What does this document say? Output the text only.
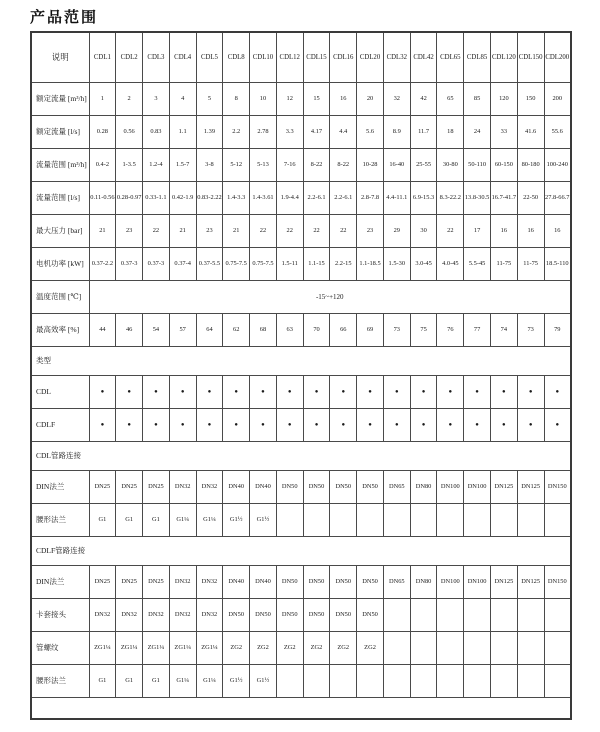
产品范围
说明	CDL1	CDL2	CDL3	CDL4	CDL5	CDL8	CDL10	CDL12	CDL15	CDL16	CDL20	CDL32	CDL42	CDL65	CDL85	CDL120	CDL150	CDL200
额定流量 [m³/h]	1	2	3	4	5	8	10	12	15	16	20	32	42	65	85	120	150	200
额定流量 [l/s]	0.28	0.56	0.83	1.1	1.39	2.2	2.78	3.3	4.17	4.4	5.6	8.9	11.7	18	24	33	41.6	55.6
流量范围 [m³/h]	0.4-2	1-3.5	1.2-4	1.5-7	3-8	5-12	5-13	7-16	8-22	8-22	10-28	16-40	25-55	30-80	50-110	60-150	80-180	100-240
流量范围 [l/s]	0.11-0.56	0.28-0.97	0.33-1.1	0.42-1.9	0.83-2.22	1.4-3.3	1.4-3.61	1.9-4.4	2.2-6.1	2.2-6.1	2.8-7.8	4.4-11.1	6.9-15.3	8.3-22.2	13.8-30.5	16.7-41.7	22-50	27.8-66.7
最大压力 [bar]	21	23	22	21	23	21	22	22	22	22	23	29	30	22	17	16	16	16
电机功率 [kW]	0.37-2.2	0.37-3	0.37-3	0.37-4	0.37-5.5	0.75-7.5	0.75-7.5	1.5-11	1.1-15	2.2-15	1.1-18.5	1.5-30	3.0-45	4.0-45	5.5-45	11-75	11-75	18.5-110
温度范围 [℃]	-15~+120																	
最高效率 [%]	44	46	54	57	64	62	68	63	70	66	69	73	75	76	77	74	73	79
类型																		
CDL	●	●	●	●	●	●	●	●	●	●	●	●	●	●	●	●	●	●
CDLF	●	●	●	●	●	●	●	●	●	●	●	●	●	●	●	●	●	●
CDL管路连接																		
DIN法兰	DN25	DN25	DN25	DN32	DN32	DN40	DN40	DN50	DN50	DN50	DN50	DN65	DN80	DN100	DN100	DN125	DN125	DN150
腰形法兰	G1	G1	G1	G1¼	G1¼	G1½	G1½											
CDLF管路连接																		
DIN法兰	DN25	DN25	DN25	DN32	DN32	DN40	DN40	DN50	DN50	DN50	DN50	DN65	DN80	DN100	DN100	DN125	DN125	DN150
卡套接头	DN32	DN32	DN32	DN32	DN32	DN50	DN50	DN50	DN50	DN50	DN50							
管螺纹	ZG1¼	ZG1¼	ZG1¼	ZG1¼	ZG1¼	ZG2	ZG2	ZG2	ZG2	ZG2	ZG2							
腰形法兰	G1	G1	G1	G1¼	G1¼	G1½	G1½											
